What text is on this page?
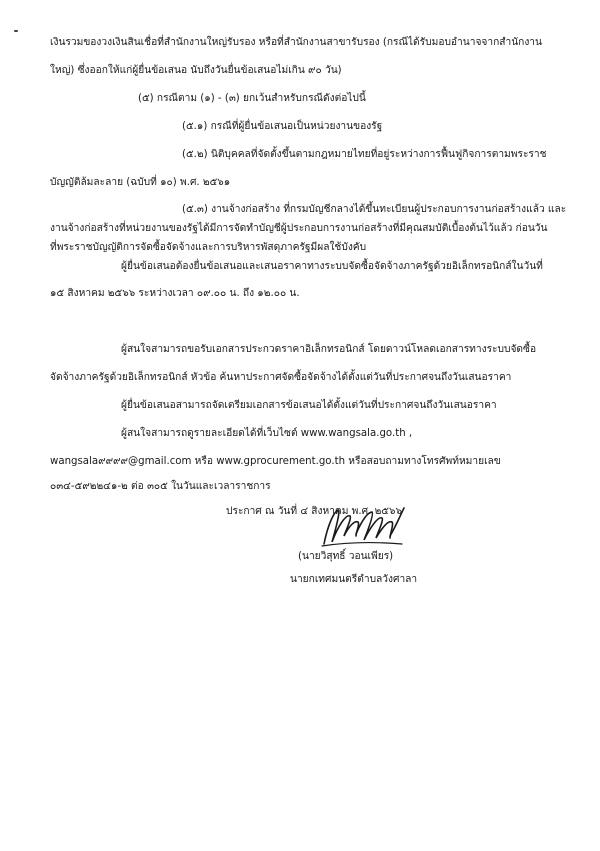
เงินรวมของวงเงินสินเชื่อที่สำนักงานใหญ่รับรอง หรือที่สำนักงานสาขารับรอง (กรณีได้รับมอบอำนาจจากสำนักงาน
ใหญ่) ซึ่งออกให้แก่ผู้ยื่นข้อเสนอ นับถึงวันยื่นข้อเสนอไม่เกิน ๙๐ วัน)
(๕) กรณีตาม (๑) - (๓) ยกเว้นสำหรับกรณีดังต่อไปนี้
(๕.๑) กรณีที่ผู้ยื่นข้อเสนอเป็นหน่วยงานของรัฐ
(๕.๒) นิติบุคคลที่จัดตั้งขึ้นตามกฎหมายไทยที่อยู่ระหว่างการฟื้นฟูกิจการตามพระราช
บัญญัติล้มละลาย (ฉบับที่ ๑๐) พ.ศ. ๒๕๖๑
(๕.๓) งานจ้างก่อสร้าง ที่กรมบัญชีกลางได้ขึ้นทะเบียนผู้ประกอบการงานก่อสร้างแล้ว และ
งานจ้างก่อสร้างที่หน่วยงานของรัฐได้มีการจัดทำบัญชีผู้ประกอบการงานก่อสร้างที่มีคุณสมบัติเบื้องต้นไว้แล้ว ก่อนวัน
ที่พระราชบัญญัติการจัดซื้อจัดจ้างและการบริหารพัสดุภาครัฐมีผลใช้บังคับ
ผู้ยื่นข้อเสนอต้องยื่นข้อเสนอและเสนอราคาทางระบบจัดซื้อจัดจ้างภาครัฐด้วยอิเล็กทรอนิกส์ในวันที่
๑๕ สิงหาคม ๒๕๖๖ ระหว่างเวลา ๐๙.๐๐ น. ถึง ๑๒.๐๐ น.
ผู้สนใจสามารถขอรับเอกสารประกวดราคาอิเล็กทรอนิกส์ โดยดาวน์โหลดเอกสารทางระบบจัดซื้อ
จัดจ้างภาครัฐด้วยอิเล็กทรอนิกส์ หัวข้อ ค้นหาประกาศจัดซื้อจัดจ้างได้ตั้งแต่วันที่ประกาศจนถึงวันเสนอราคา
ผู้ยื่นข้อเสนอสามารถจัดเตรียมเอกสารข้อเสนอได้ตั้งแต่วันที่ประกาศจนถึงวันเสนอราคา
ผู้สนใจสามารถดูรายละเอียดได้ที่เว็บไซต์ www.wangsala.go.th ,
wangsala๙๙๙๙@gmail.com หรือ www.gprocurement.go.th หรือสอบถามทางโทรศัพท์หมายเลข
๐๓๔-๕๙๒๒๔๑-๒ ต่อ ๓๐๕ ในวันและเวลาราชการ
ประกาศ ณ วันที่ ๔ สิงหาคม พ.ศ. ๒๕๖๖
(นายวิสุทธิ์ วอนเพียร)
นายกเทศมนตรีตำบลวังศาลา
